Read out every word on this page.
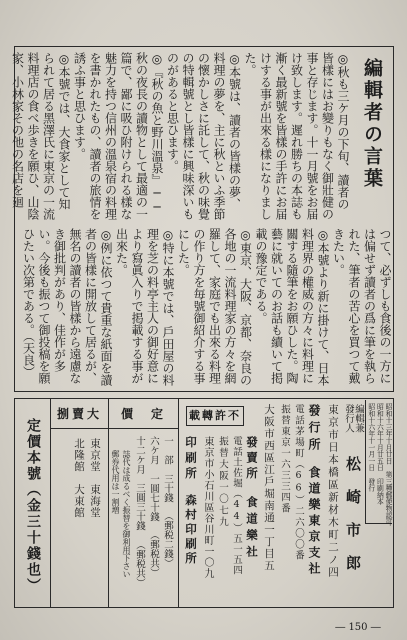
編輯者の言葉

◎秋も三ケ月の下旬、讀者の皆樣にはお變りもなく御壯健の事と存じます。十一月號をお届け致します。遲れ勝ちの本誌も漸く最新號を皆樣の手許にお届けする事が出來る樣になりました。

◎本號は、讀者の皆樣の夢、料理の夢を、主に秋といふ季節の懷かしさに託して、秋の味覺の特輯號とし皆樣に興味深いものがあると思ひます。

◎『秋の魚と野川溫泉』──秋の夜長の讀物として最適の一篇で、鄙に吸ひ附けられる樣な魅力を持つ信州の溫泉宿の料理を書かれたもの、讀者の旅情を誘ふ事と思ひます。

◎本號では、大食家として知られて居る黑澤氏に東京の一流料理店の食べ歩きを願ひ、山陰家、小林家その他の名店を廻

つて、必ずしも食後の一方には偏せず讀者の爲に筆を執られた、筆者の苦心を買つて戴きたい。

◎本號より新に掛けて、日本料理界の權威の方々に料理に關する隨筆をお願ひした。陶藝に就いてのお話も續いて掲載の豫定である。

◎東京、大阪、京都、奈良の各地の一流料理家の方々を網羅して、家庭でも出來る料理の作り方を毎號御紹介する事にした。

◎特に本號では、戶田屋の料理を芝の料亭主人の御好意により寫眞入りで掲載する事が出來た。

◎例に依つて貴重な紙面を讀者の皆樣に開放して居るが、無名の讀者の皆樣から遠慮なき御批判があり、佳作が多い。今後も振つて御投稿を願ひたい次第である。（天良）

昭和十三年十月廿日　第三種郵便物認可
昭和十六年十月廿五日　印刷納本
昭和十六年十一月一日　發行
編輯兼發行人
松崎市郎
東京市日本橋區新材木町二ノ四
發行所
食道樂東京支社
電話茅場町（66）二六〇〇番
振替東京一六三三四番
大阪市西區江戶堀南通一丁目五
載轉許不
發賣所
食道樂社
電話土佐堀（44）五一五四
振替大阪一〇七九
東京市小石川區谷川町一〇九
印刷所
森村印刷所
捌賣大
東京堂　東海堂
北隆館　大東館
價　定
一　部三十錢（郵税二錢）
六ケ月一圓七十錢（郵税共）
十二ケ月三圓三十錢（郵税共）
誌代は成るべく振替を御利用下さい
郵券代用は一割増
定價本號（金三十錢也）
― 150 ―
